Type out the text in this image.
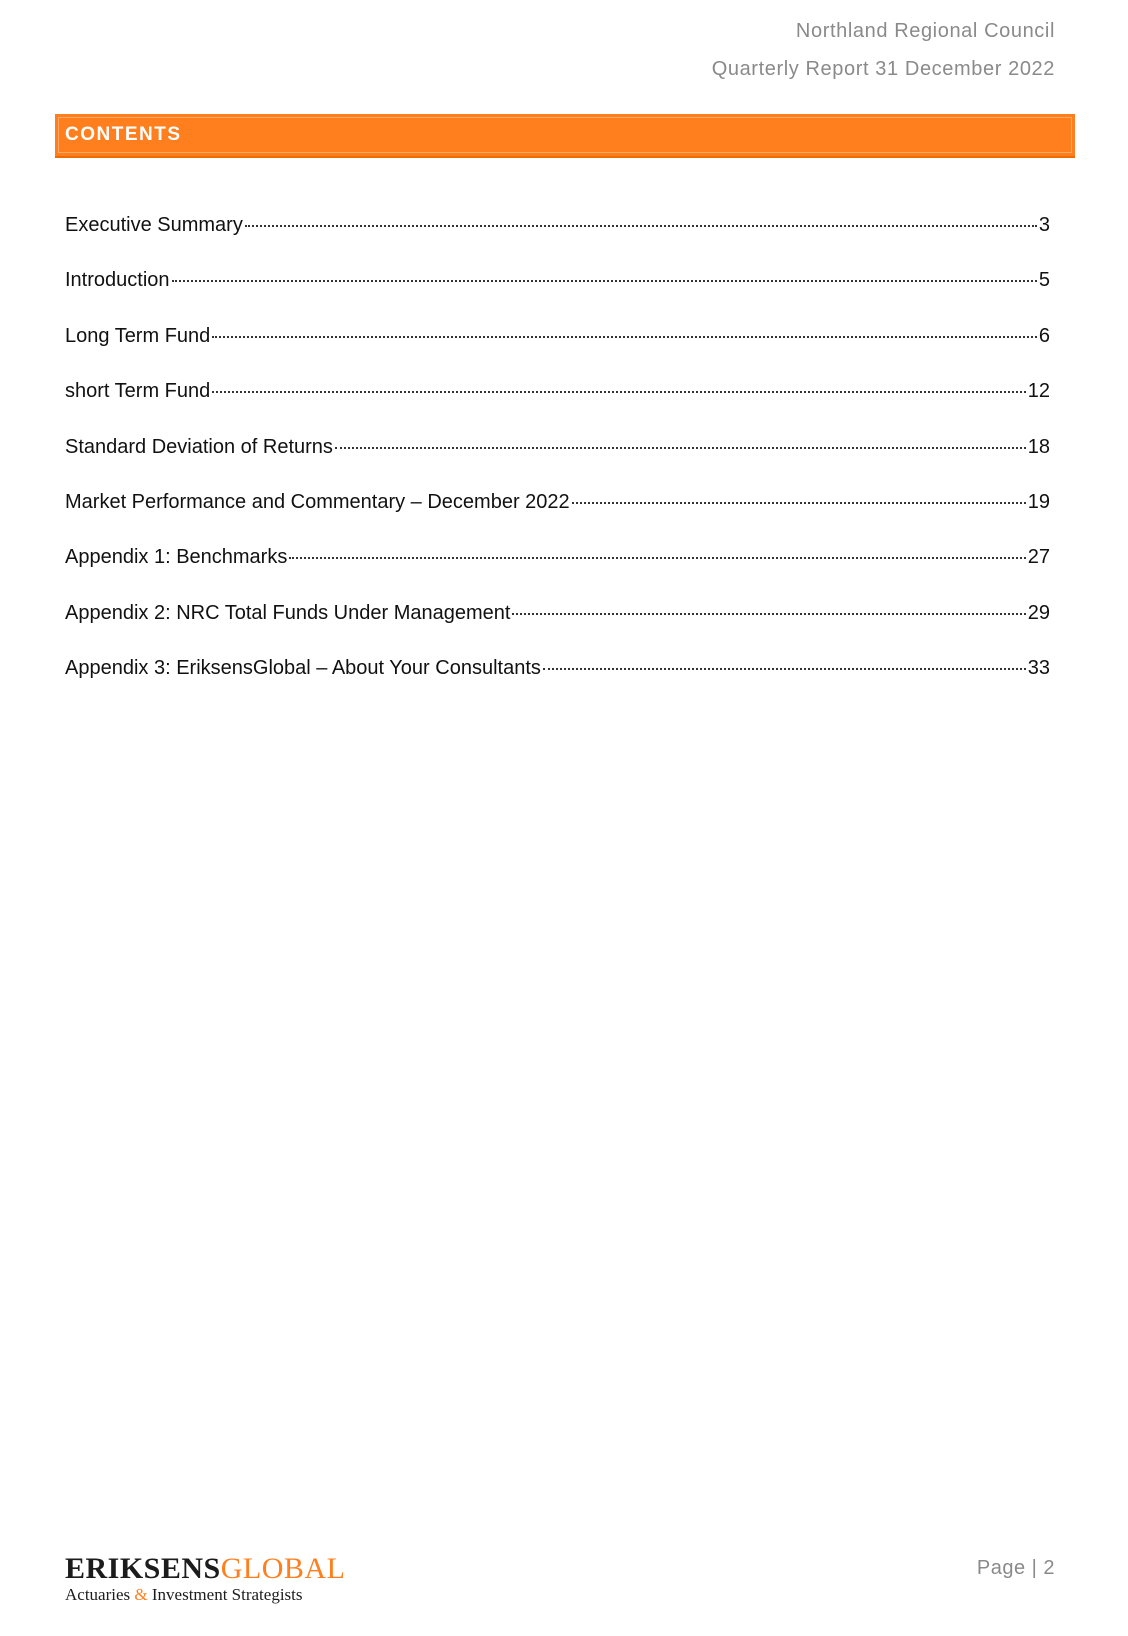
Northland Regional Council
Quarterly Report 31 December 2022
CONTENTS
Executive Summary	3
Introduction	5
Long Term Fund	6
short Term Fund	12
Standard Deviation of Returns	18
Market Performance and Commentary – December 2022	19
Appendix 1: Benchmarks	27
Appendix 2: NRC Total Funds Under Management	29
Appendix 3: EriksensGlobal – About Your Consultants	33
ERIKSENSGLOBAL
Actuaries & Investment Strategists
Page | 2
